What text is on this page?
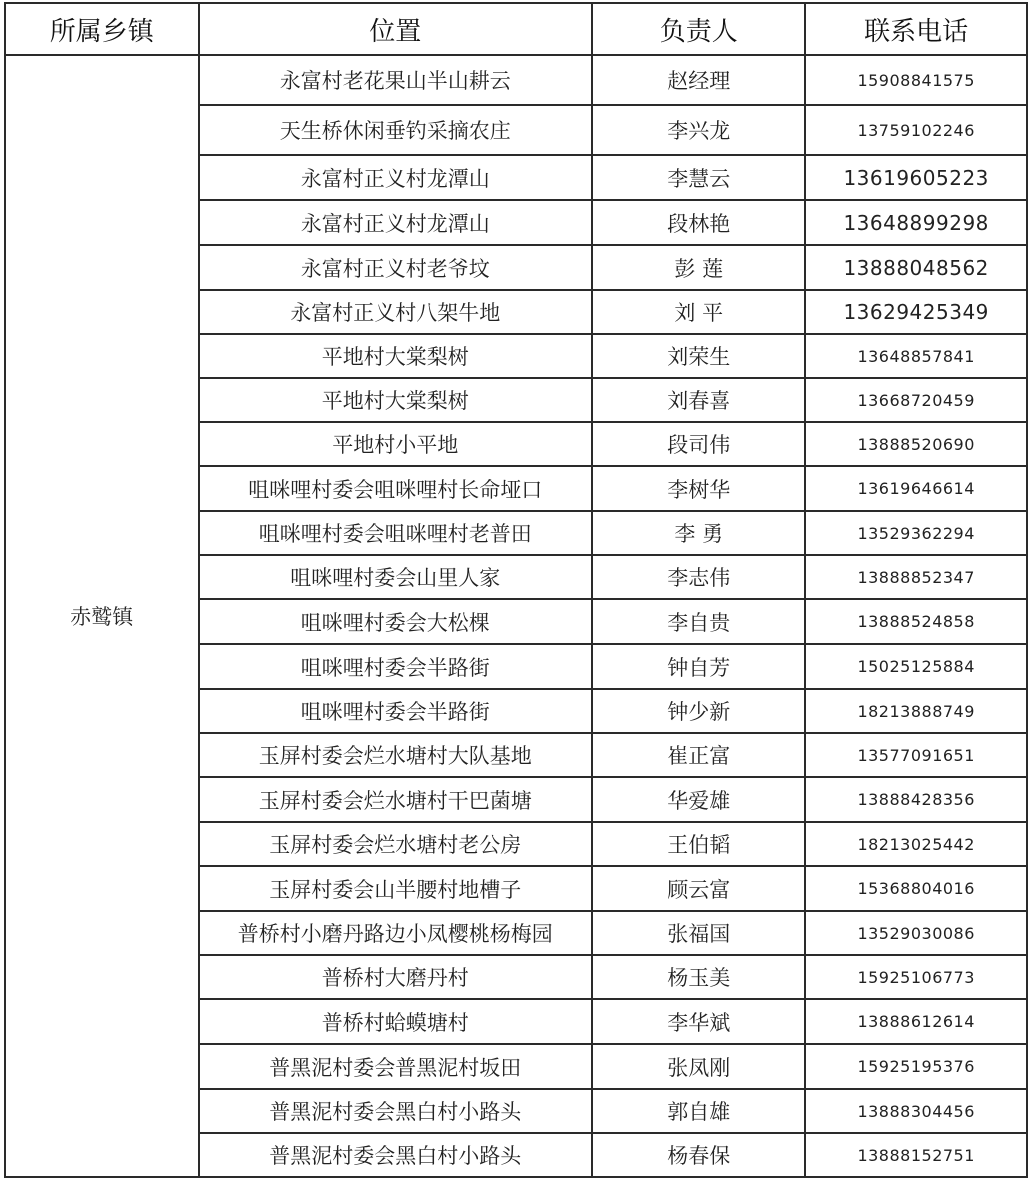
所属乡镇	位置	负责人	联系电话
赤鹫镇	永富村老花果山半山耕云	赵经理	15908841575
	天生桥休闲垂钓采摘农庄	李兴龙	13759102246
	永富村正义村龙潭山	李慧云	13619605223
	永富村正义村龙潭山	段林艳	13648899298
	永富村正义村老爷坟	彭 莲	13888048562
	永富村正义村八架牛地	刘 平	13629425349
	平地村大棠梨树	刘荣生	13648857841
	平地村大棠梨树	刘春喜	13668720459
	平地村小平地	段司伟	13888520690
	咀咪哩村委会咀咪哩村长命垭口	李树华	13619646614
	咀咪哩村委会咀咪哩村老普田	李 勇	13529362294
	咀咪哩村委会山里人家	李志伟	13888852347
	咀咪哩村委会大松棵	李自贵	13888524858
	咀咪哩村委会半路街	钟自芳	15025125884
	咀咪哩村委会半路街	钟少新	18213888749
	玉屏村委会烂水塘村大队基地	崔正富	13577091651
	玉屏村委会烂水塘村干巴菌塘	华爱雄	13888428356
	玉屏村委会烂水塘村老公房	王伯韬	18213025442
	玉屏村委会山半腰村地槽子	顾云富	15368804016
	普桥村小磨丹路边小凤樱桃杨梅园	张福国	13529030086
	普桥村大磨丹村	杨玉美	15925106773
	普桥村蛤蟆塘村	李华斌	13888612614
	普黑泥村委会普黑泥村坂田	张凤刚	15925195376
	普黑泥村委会黑白村小路头	郭自雄	13888304456
	普黑泥村委会黑白村小路头	杨春保	13888152751
